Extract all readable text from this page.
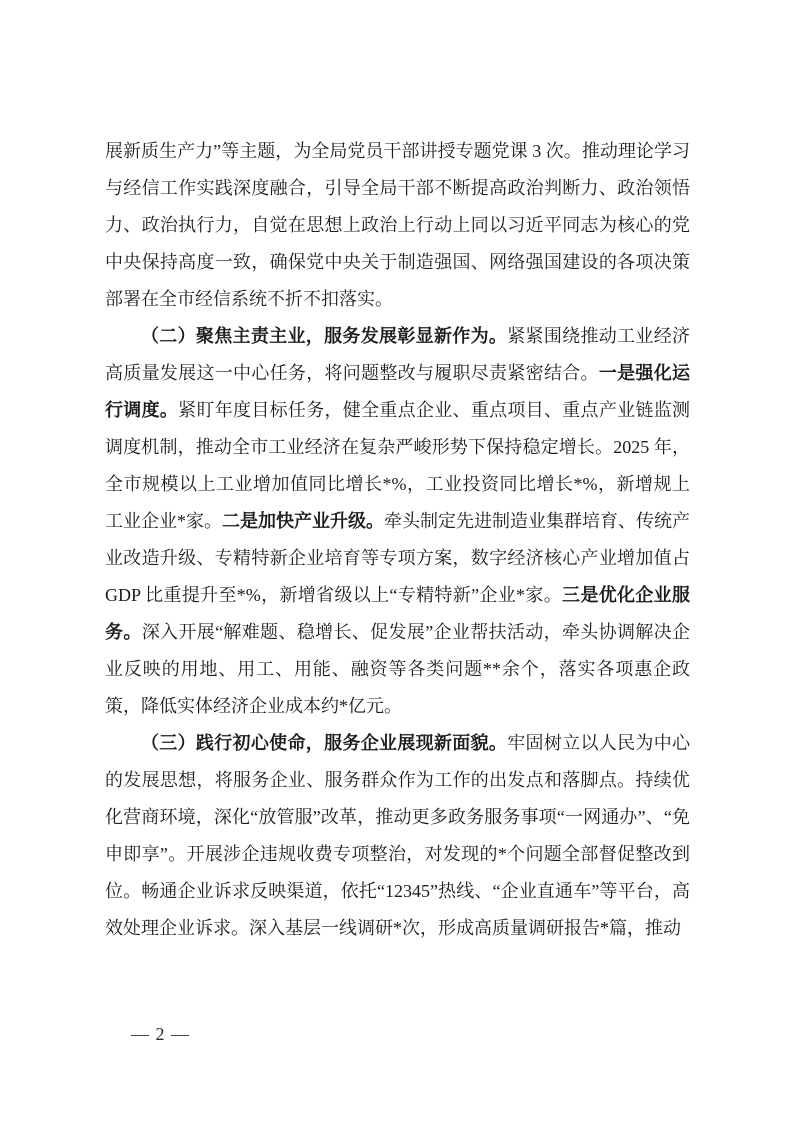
展新质生产力”等主题，为全局党员干部讲授专题党课 3 次。推动理论学习与经信工作实践深度融合，引导全局干部不断提高政治判断力、政治领悟力、政治执行力，自觉在思想上政治上行动上同以习近平同志为核心的党中央保持高度一致，确保党中央关于制造强国、网络强国建设的各项决策部署在全市经信系统不折不扣落实。

（二）聚焦主责主业，服务发展彰显新作为。紧紧围绕推动工业经济高质量发展这一中心任务，将问题整改与履职尽责紧密结合。一是强化运行调度。紧盯年度目标任务，健全重点企业、重点项目、重点产业链监测调度机制，推动全市工业经济在复杂严峻形势下保持稳定增长。2025 年，全市规模以上工业增加值同比增长*%，工业投资同比增长*%，新增规上工业企业*家。二是加快产业升级。牵头制定先进制造业集群培育、传统产业改造升级、专精特新企业培育等专项方案，数字经济核心产业增加值占 GDP 比重提升至*%，新增省级以上“专精特新”企业*家。三是优化企业服务。深入开展“解难题、稳增长、促发展”企业帮扶活动，牵头协调解决企业反映的用地、用工、用能、融资等各类问题**余个，落实各项惠企政策，降低实体经济企业成本约*亿元。

（三）践行初心使命，服务企业展现新面貌。牢固树立以人民为中心的发展思想，将服务企业、服务群众作为工作的出发点和落脚点。持续优化营商环境，深化“放管服”改革，推动更多政务服务事项“一网通办”、“免申即享”。开展涉企违规收费专项整治，对发现的*个问题全部督促整改到位。畅通企业诉求反映渠道，依托“12345”热线、“企业直通车”等平台，高效处理企业诉求。深入基层一线调研*次，形成高质量调研报告*篇，推动

— 2 —
